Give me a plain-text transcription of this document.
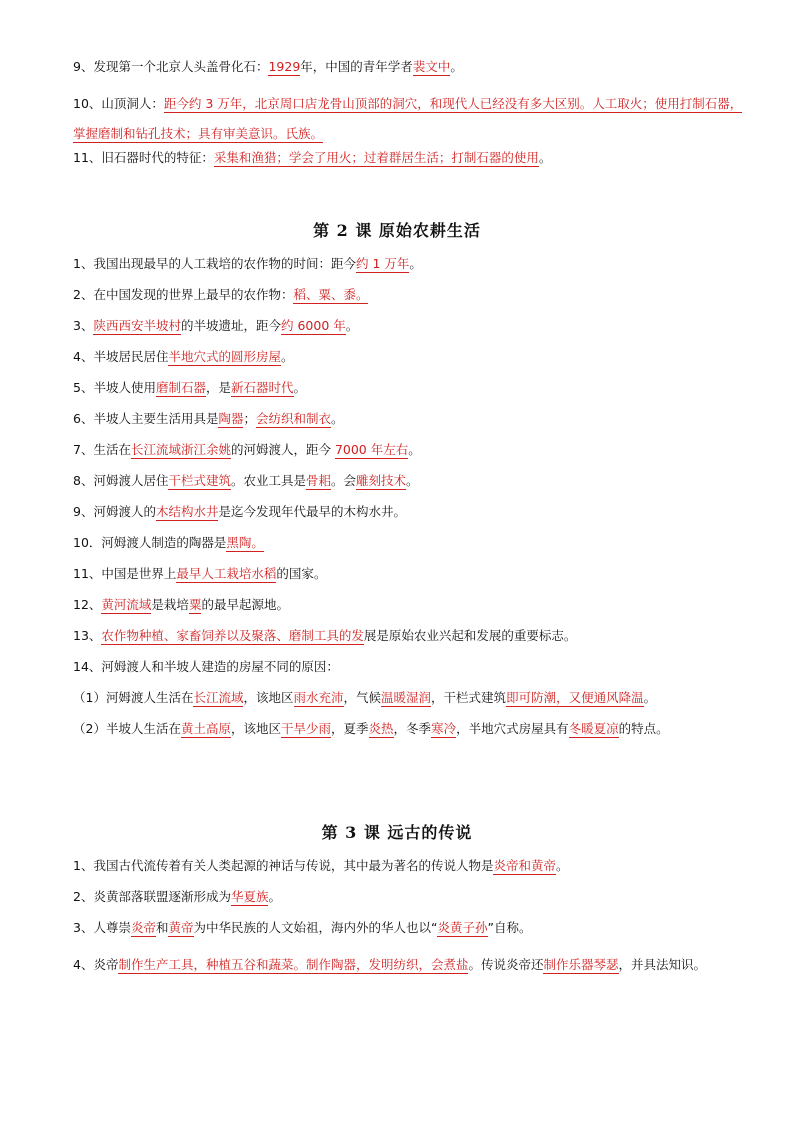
9、发现第一个北京人头盖骨化石：1929年，中国的青年学者裴文中。
10、山顶洞人：距今约 3 万年，北京周口店龙骨山顶部的洞穴，和现代人已经没有多大区别。人工取火；使用打制石器，掌握磨制和钻孔技术；具有审美意识。氏族。
11、旧石器时代的特征：采集和渔猎；学会了用火；过着群居生活；打制石器的使用。
第 2 课 原始农耕生活
1、我国出现最早的人工栽培的农作物的时间：距今约 1 万年。
2、在中国发现的世界上最早的农作物：稻、粟、黍。
3、陕西西安半坡村的半坡遗址，距今约 6000 年。
4、半坡居民居住半地穴式的圆形房屋。
5、半坡人使用磨制石器，是新石器时代。
6、半坡人主要生活用具是陶器；会纺织和制衣。
7、生活在长江流域浙江余姚的河姆渡人，距今 7000 年左右。
8、河姆渡人居住干栏式建筑。农业工具是骨耜。会雕刻技术。
9、河姆渡人的木结构水井是迄今发现年代最早的木构水井。
10．河姆渡人制造的陶器是黑陶。
11、中国是世界上最早人工栽培水稻的国家。
12、黄河流域是栽培粟的最早起源地。
13、农作物种植、家畜饲养以及聚落、磨制工具的发展是原始农业兴起和发展的重要标志。
14、河姆渡人和半坡人建造的房屋不同的原因：
（1）河姆渡人生活在长江流域，该地区雨水充沛，气候温暖湿润，干栏式建筑即可防潮，又便通风降温。
（2）半坡人生活在黄土高原，该地区干旱少雨，夏季炎热，冬季寒冷，半地穴式房屋具有冬暖夏凉的特点。
第 3 课 远古的传说
1、我国古代流传着有关人类起源的神话与传说，其中最为著名的传说人物是炎帝和黄帝。
2、炎黄部落联盟逐渐形成为华夏族。
3、人尊崇炎帝和黄帝为中华民族的人文始祖，海内外的华人也以“炎黄子孙”自称。
4、炎帝制作生产工具，种植五谷和蔬菜。制作陶器，发明纺织，会煮盐。传说炎帝还制作乐器琴瑟，并具法知识。
